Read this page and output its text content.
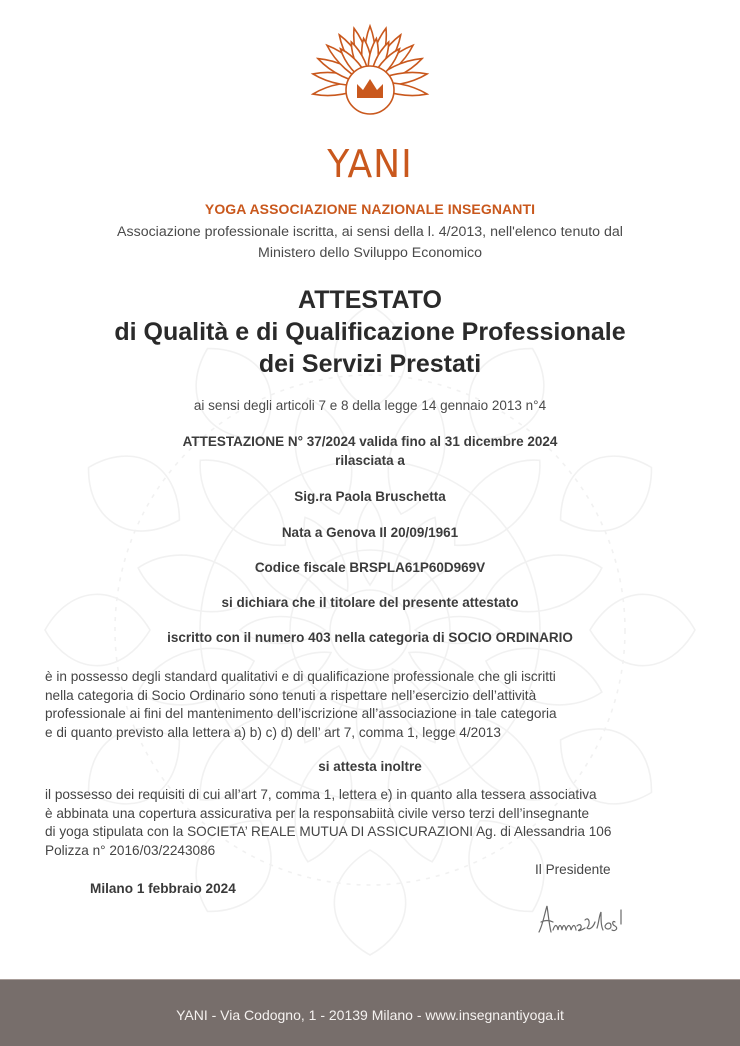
YANI
YOGA ASSOCIAZIONE NAZIONALE INSEGNANTI
Associazione professionale iscritta, ai sensi della l. 4/2013, nell'elenco tenuto dal
Ministero dello Sviluppo Economico
ATTESTATO
di Qualità e di Qualificazione Professionale
dei Servizi Prestati
ai sensi degli articoli 7 e 8 della legge 14 gennaio 2013 n°4
ATTESTAZIONE N° 37/2024 valida fino al 31 dicembre 2024
rilasciata a
Sig.ra Paola Bruschetta
Nata a Genova Il 20/09/1961
Codice fiscale BRSPLA61P60D969V
si dichiara che il titolare del presente attestato
iscritto con il numero 403 nella categoria di SOCIO ORDINARIO
è in possesso degli standard qualitativi e di qualificazione professionale che gli iscritti
nella categoria di Socio Ordinario sono tenuti a rispettare nell’esercizio dell’attività
professionale ai fini del mantenimento dell’iscrizione all’associazione in tale categoria
e di quanto previsto alla lettera a) b) c) d) dell’ art 7, comma 1, legge 4/2013
si attesta inoltre
il possesso dei requisiti di cui all’art 7, comma 1, lettera e) in quanto alla tessera associativa
è abbinata una copertura assicurativa per la responsabiità civile verso terzi dell’insegnante
di yoga stipulata con la SOCIETA’ REALE MUTUA DI ASSICURAZIONI Ag. di Alessandria 106
Polizza n° 2016/03/2243086
Il Presidente
Milano 1 febbraio 2024
YANI - Via Codogno, 1 - 20139 Milano - www.insegnantiyoga.it
